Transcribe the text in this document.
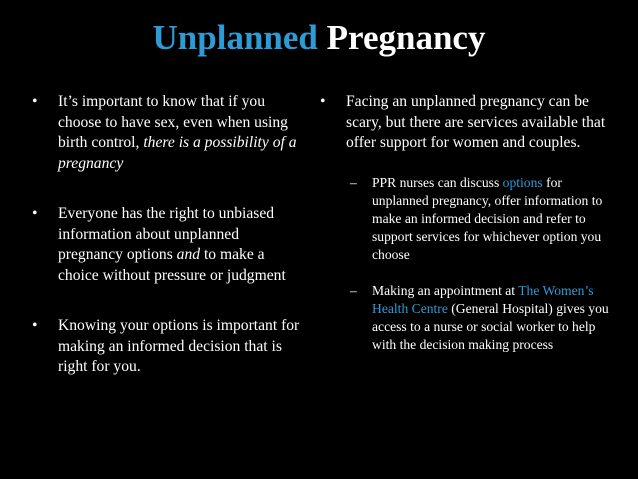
Unplanned Pregnancy

• It’s important to know that if you choose to have sex, even when using birth control, there is a possibility of a pregnancy

• Everyone has the right to unbiased information about unplanned pregnancy options and to make a choice without pressure or judgment

• Knowing your options is important for making an informed decision that is right for you.

• Facing an unplanned pregnancy can be scary, but there are services available that offer support for women and couples.

– PPR nurses can discuss options for unplanned pregnancy, offer information to make an informed decision and refer to support services for whichever option you choose

– Making an appointment at The Women’s Health Centre (General Hospital) gives you access to a nurse or social worker to help with the decision making process
